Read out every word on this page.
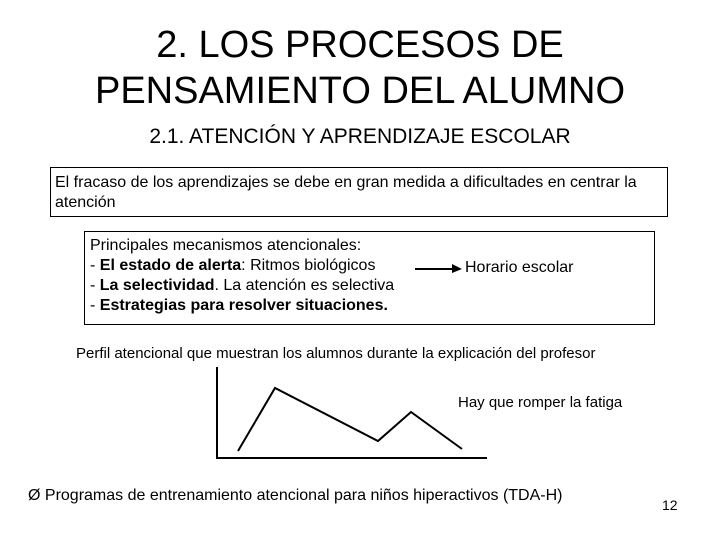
2. LOS PROCESOS DE
PENSAMIENTO DEL ALUMNO
2.1. ATENCIÓN Y APRENDIZAJE ESCOLAR
El fracaso de los aprendizajes se debe en gran medida a dificultades en centrar la atención
Principales mecanismos atencionales:
- El estado de alerta: Ritmos biológicos
- La selectividad. La atención es selectiva
- Estrategias para resolver situaciones.
Horario escolar
Perfil atencional que muestran los alumnos durante la explicación del profesor
Hay que romper la fatiga
Ø Programas de entrenamiento atencional para niños hiperactivos (TDA-H)
12
